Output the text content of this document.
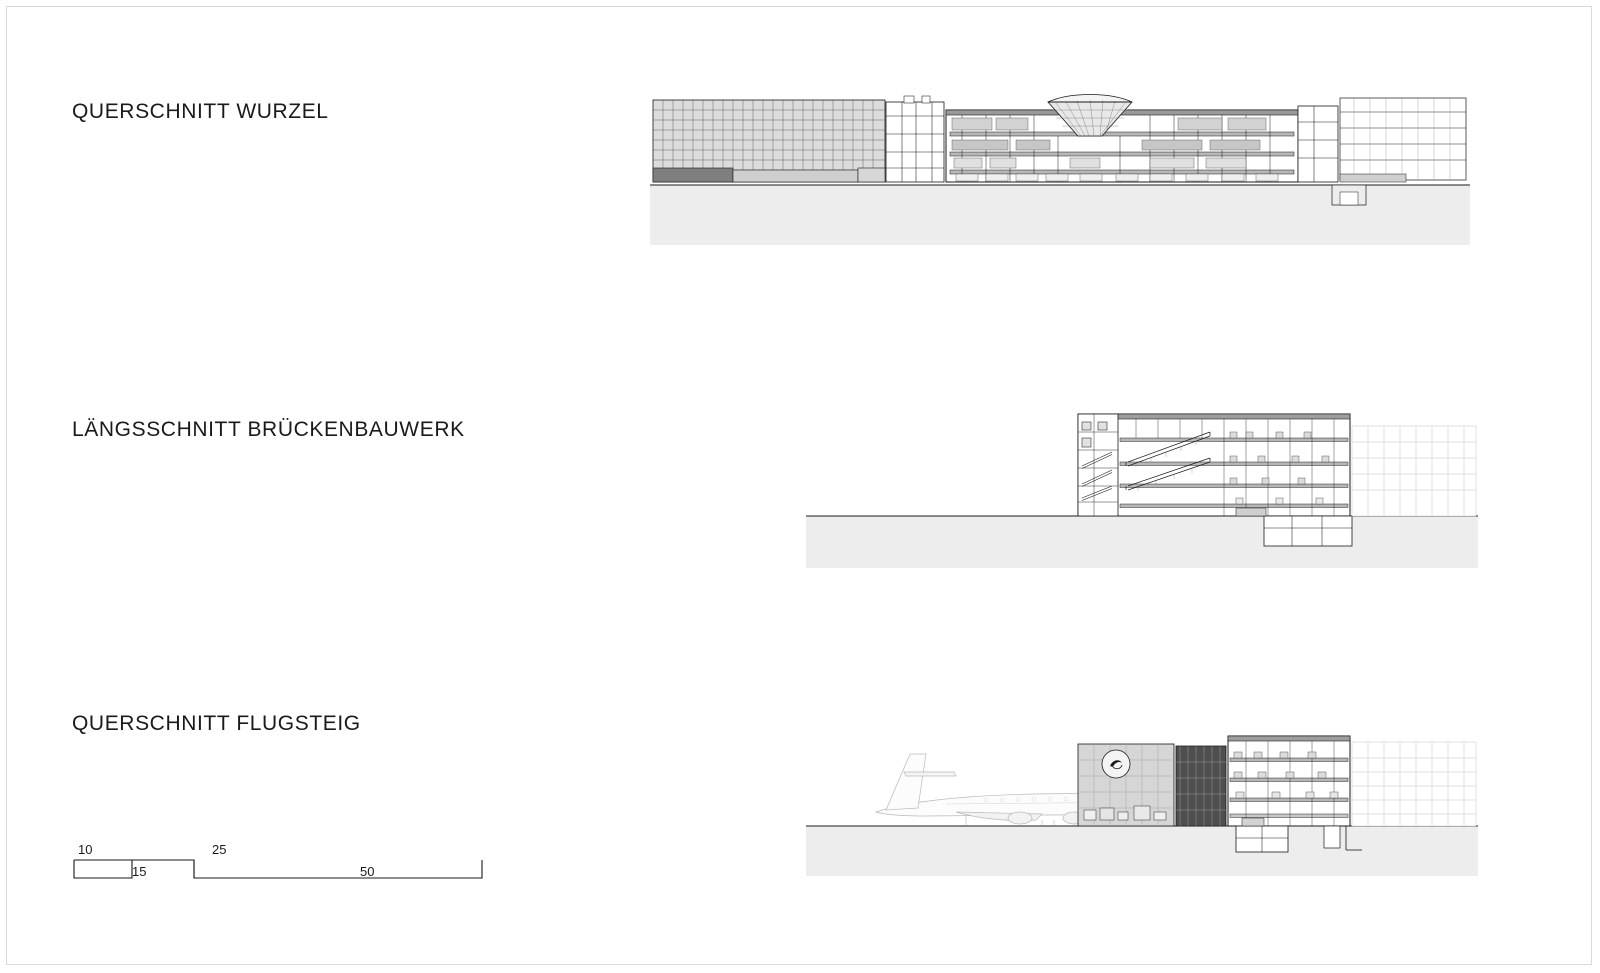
QUERSCHNITT WURZEL
LÄNGSSCHNITT BRÜCKENBAUWERK
QUERSCHNITT FLUGSTEIG
10
15
25
50
